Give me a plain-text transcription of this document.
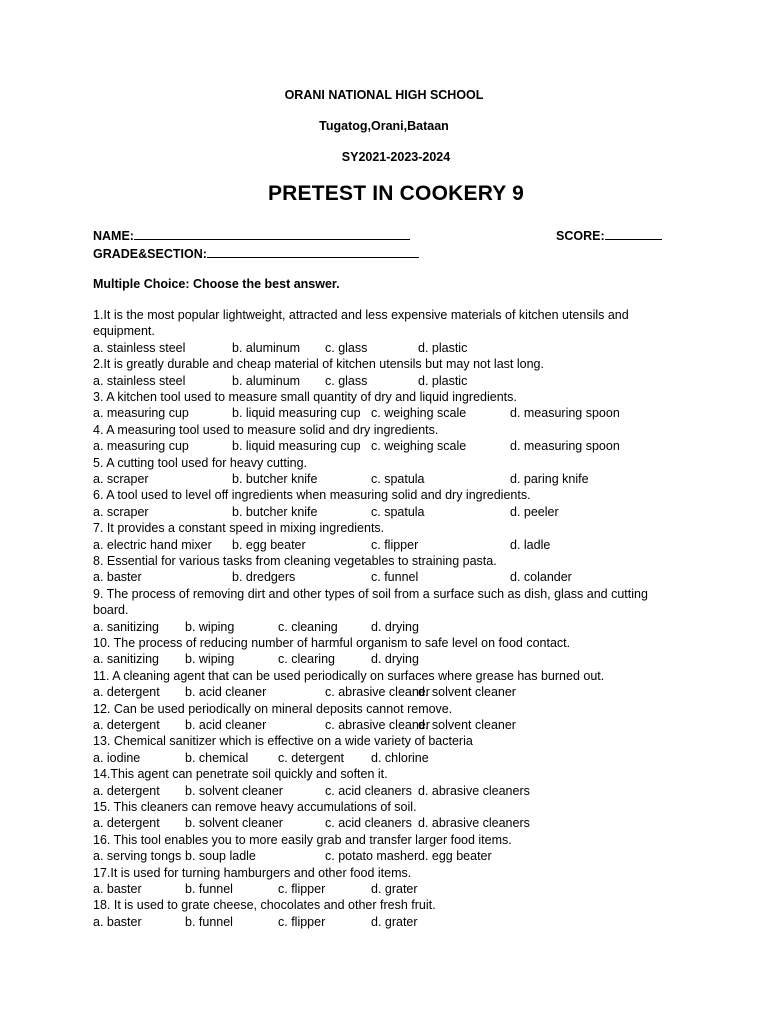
ORANI NATIONAL HIGH SCHOOL
Tugatog,Orani,Bataan
SY2021-2023-2024
PRETEST IN COOKERY 9
NAME:	SCORE:
GRADE&SECTION:
Multiple Choice: Choose the best answer.
1.It is the most popular lightweight, attracted and less expensive materials of kitchen utensils and equipment.
a. stainless steel	b. aluminum c. glass	d. plastic
2.It is greatly durable and cheap material of kitchen utensils but may not last long.
a. stainless steel	b. aluminum c. glass	d. plastic
3. A kitchen tool used to measure small quantity of dry and liquid ingredients.
a. measuring cup	b. liquid measuring cup c. weighing scale	d. measuring spoon
4. A measuring tool used to measure solid and dry ingredients.
a. measuring cup	b. liquid measuring cup c. weighing scale	d. measuring spoon
5. A cutting tool used for heavy cutting.
a. scraper	b. butcher knife	c. spatula	d. paring knife
6. A tool used to level off ingredients when measuring solid and dry ingredients.
a. scraper	b. butcher knife	c. spatula	d. peeler
7. It provides a constant speed in mixing ingredients.
a. electric hand mixer b. egg beater	c. flipper	d. ladle
8. Essential for various tasks from cleaning vegetables to straining pasta.
a. baster	b. dredgers	c. funnel	d. colander
9. The process of removing dirt and other types of soil from a surface such as dish, glass and cutting board.
a. sanitizing b. wiping	c. cleaning	d. drying
10. The process of reducing number of harmful organism to safe level on food contact.
a. sanitizing b. wiping	c. clearing	d. drying
11. A cleaning agent that can be used periodically on surfaces where grease has burned out.
a. detergent b. acid cleaner	c. abrasive cleaner
d. solvent cleaner
12. Can be used periodically on mineral deposits cannot remove.
a. detergent b. acid cleaner	c. abrasive cleaner
d. solvent cleaner
13. Chemical sanitizer which is effective on a wide variety of bacteria
a. iodine	b. chemical c. detergent d. chlorine
14.This agent can penetrate soil quickly and soften it.
a. detergent b. solvent cleaner	c. acid cleaners d. abrasive cleaners
15. This cleaners can remove heavy accumulations of soil.
a. detergent b. solvent cleaner	c. acid cleaners d. abrasive cleaners
16. This tool enables you to more easily grab and transfer larger food items.
a. serving tongs b. soup ladle	c. potato masher d. egg beater
17.It is used for turning hamburgers and other food items.
a. baster	b. funnel	c. flipper	d. grater
18. It is used to grate cheese, chocolates and other fresh fruit.
a. baster	b. funnel	c. flipper	d. grater
